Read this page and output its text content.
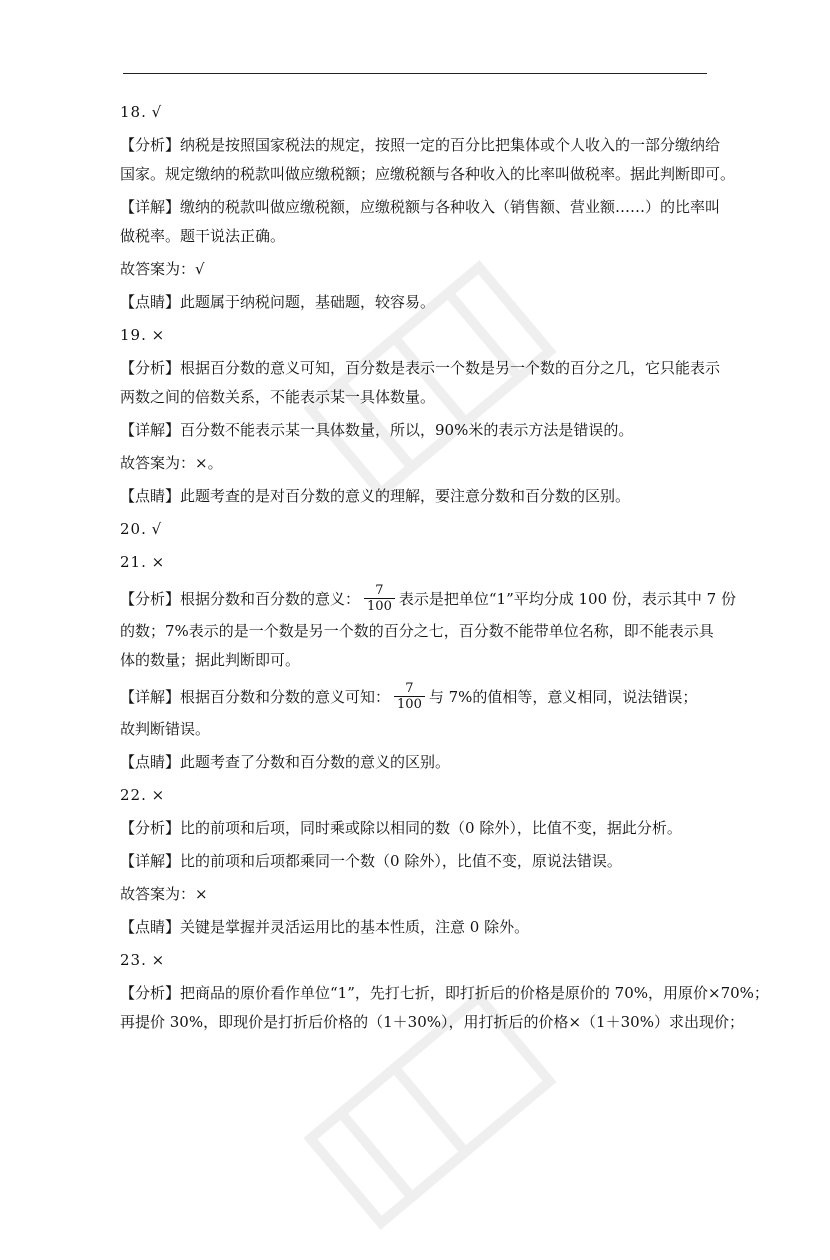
18. √
【分析】纳税是按照国家税法的规定，按照一定的百分比把集体或个人收入的一部分缴纳给
国家。规定缴纳的税款叫做应缴税额；应缴税额与各种收入的比率叫做税率。据此判断即可。
【详解】缴纳的税款叫做应缴税额，应缴税额与各种收入（销售额、营业额……）的比率叫
做税率。题干说法正确。
故答案为：√
【点睛】此题属于纳税问题，基础题，较容易。
19. ×
【分析】根据百分数的意义可知，百分数是表示一个数是另一个数的百分之几，它只能表示
两数之间的倍数关系，不能表示某一具体数量。
【详解】百分数不能表示某一具体数量，所以，90%米的表示方法是错误的。
故答案为：×。
【点睛】此题考查的是对百分数的意义的理解，要注意分数和百分数的区别。
20. √
21. ×
【分析】根据分数和百分数的意义： $\frac{7}{100}$ 表示是把单位“1”平均分成 100 份，表示其中 7 份
的数；7%表示的是一个数是另一个数的百分之七，百分数不能带单位名称，即不能表示具
体的数量；据此判断即可。
【详解】根据百分数和分数的意义可知： $\frac{7}{100}$ 与 7%的值相等，意义相同，说法错误；
故判断错误。
【点睛】此题考查了分数和百分数的意义的区别。
22. ×
【分析】比的前项和后项，同时乘或除以相同的数（0 除外），比值不变，据此分析。
【详解】比的前项和后项都乘同一个数（0 除外），比值不变，原说法错误。
故答案为：×
【点睛】关键是掌握并灵活运用比的基本性质，注意 0 除外。
23. ×
【分析】把商品的原价看作单位“1”，先打七折，即打折后的价格是原价的 70%，用原价×70%；
再提价 30%，即现价是打折后价格的（1＋30%），用打折后的价格×（1＋30%）求出现价；
